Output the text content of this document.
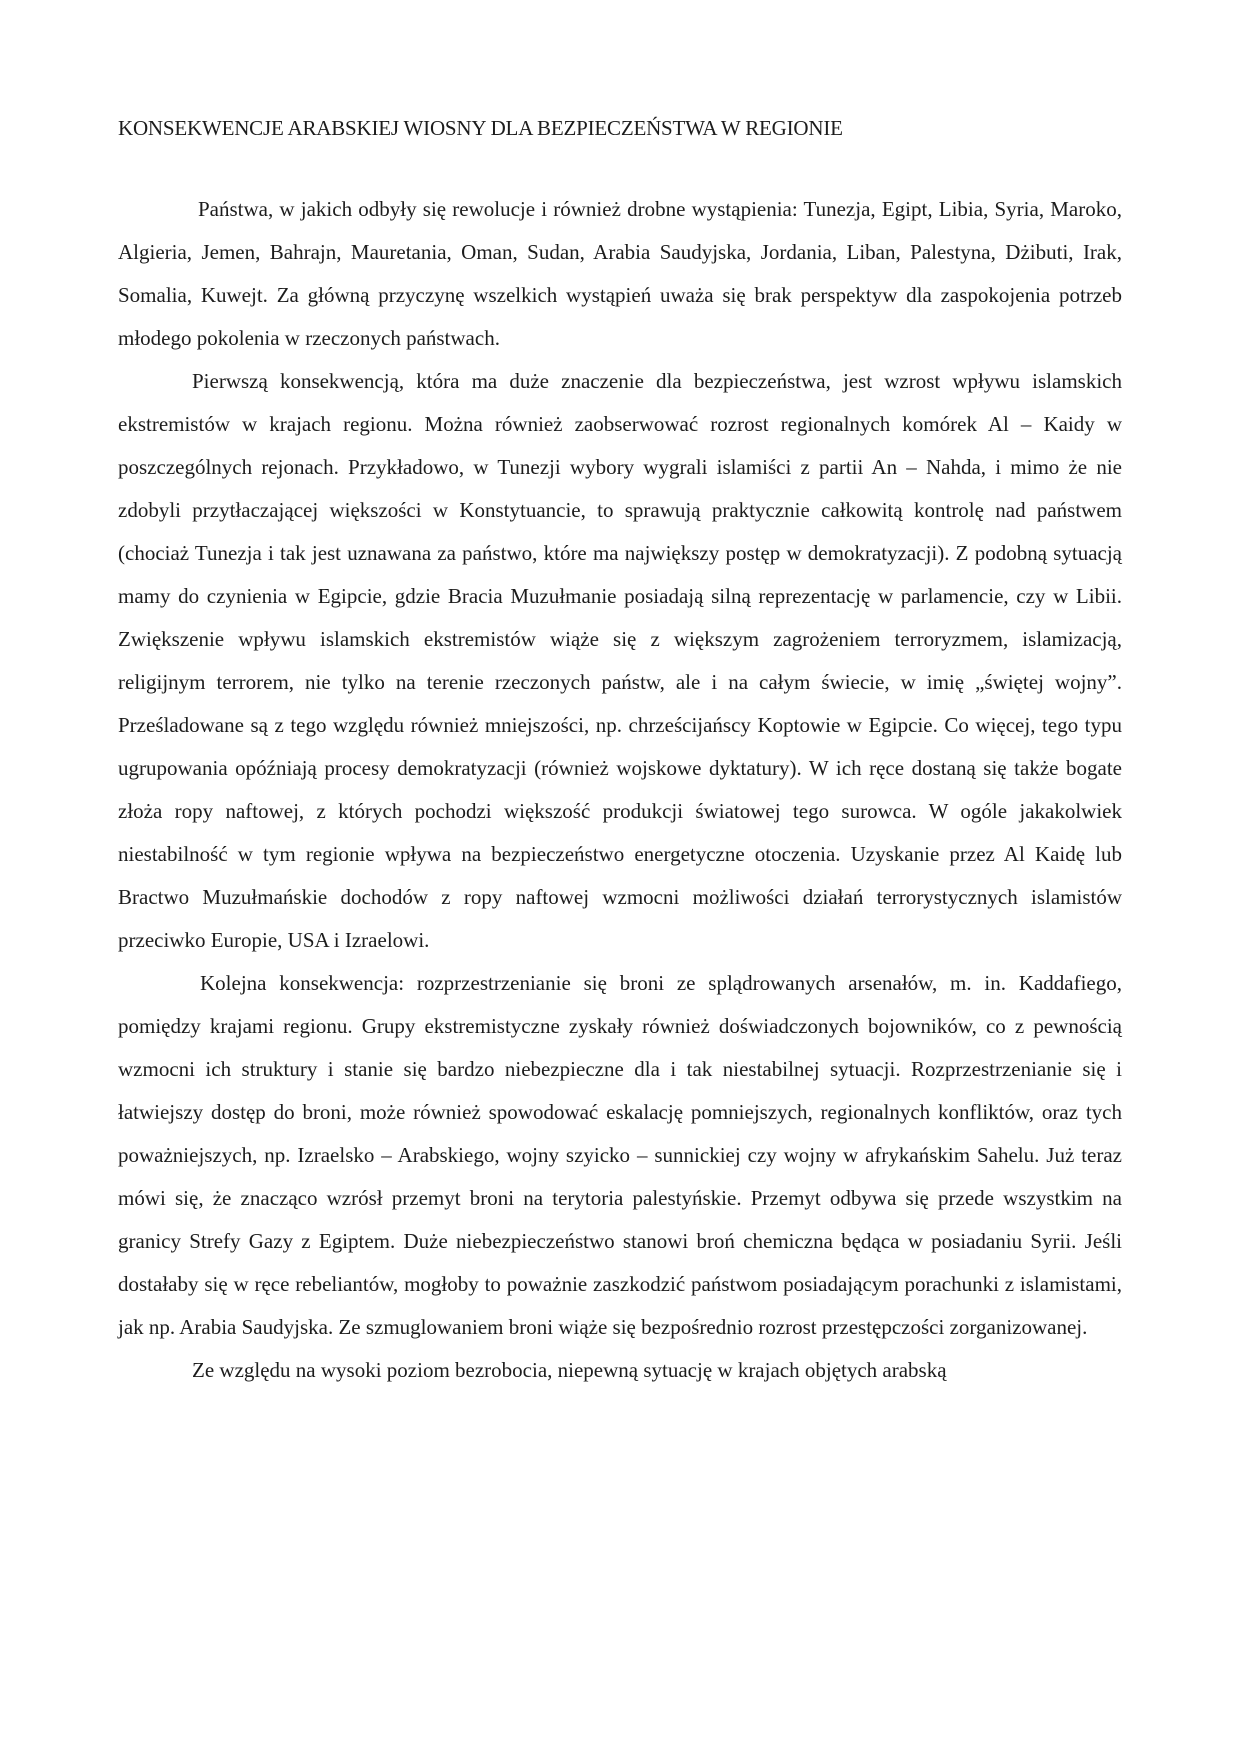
KONSEKWENCJE ARABSKIEJ WIOSNY DLA BEZPIECZEŃSTWA W REGIONIE

Państwa, w jakich odbyły się rewolucje i również drobne wystąpienia: Tunezja, Egipt, Libia, Syria, Maroko, Algieria, Jemen, Bahrajn, Mauretania, Oman, Sudan, Arabia Saudyjska, Jordania, Liban, Palestyna, Dżibuti, Irak, Somalia, Kuwejt. Za główną przyczynę wszelkich wystąpień uważa się brak perspektyw dla zaspokojenia potrzeb młodego pokolenia w rzeczonych państwach.

Pierwszą konsekwencją, która ma duże znaczenie dla bezpieczeństwa, jest wzrost wpływu islamskich ekstremistów w krajach regionu. Można również zaobserwować rozrost regionalnych komórek Al – Kaidy w poszczególnych rejonach. Przykładowo, w Tunezji wybory wygrali islamiści z partii An – Nahda, i mimo że nie zdobyli przytłaczającej większości w Konstytuancie, to sprawują praktycznie całkowitą kontrolę nad państwem (chociaż Tunezja i tak jest uznawana za państwo, które ma największy postęp w demokratyzacji). Z podobną sytuacją mamy do czynienia w Egipcie, gdzie Bracia Muzułmanie posiadają silną reprezentację w parlamencie, czy w Libii. Zwiększenie wpływu islamskich ekstremistów wiąże się z większym zagrożeniem terroryzmem, islamizacją, religijnym terrorem, nie tylko na terenie rzeczonych państw, ale i na całym świecie, w imię „świętej wojny”. Prześladowane są z tego względu również mniejszości, np. chrześcijańscy Koptowie w Egipcie. Co więcej, tego typu ugrupowania opóźniają procesy demokratyzacji (również wojskowe dyktatury). W ich ręce dostaną się także bogate złoża ropy naftowej, z których pochodzi większość produkcji światowej tego surowca. W ogóle jakakolwiek niestabilność w tym regionie wpływa na bezpieczeństwo energetyczne otoczenia. Uzyskanie przez Al Kaidę lub Bractwo Muzułmańskie dochodów z ropy naftowej wzmocni możliwości działań terrorystycznych islamistów przeciwko Europie, USA i Izraelowi.

Kolejna konsekwencja: rozprzestrzenianie się broni ze splądrowanych arsenałów, m. in. Kaddafiego, pomiędzy krajami regionu. Grupy ekstremistyczne zyskały również doświadczonych bojowników, co z pewnością wzmocni ich struktury i stanie się bardzo niebezpieczne dla i tak niestabilnej sytuacji. Rozprzestrzenianie się i łatwiejszy dostęp do broni, może również spowodować eskalację pomniejszych, regionalnych konfliktów, oraz tych poważniejszych, np. Izraelsko – Arabskiego, wojny szyicko – sunnickiej czy wojny w afrykańskim Sahelu. Już teraz mówi się, że znacząco wzrósł przemyt broni na terytoria palestyńskie. Przemyt odbywa się przede wszystkim na granicy Strefy Gazy z Egiptem. Duże niebezpieczeństwo stanowi broń chemiczna będąca w posiadaniu Syrii. Jeśli dostałaby się w ręce rebeliantów, mogłoby to poważnie zaszkodzić państwom posiadającym porachunki z islamistami, jak np. Arabia Saudyjska. Ze szmuglowaniem broni wiąże się bezpośrednio rozrost przestępczości zorganizowanej.

Ze względu na wysoki poziom bezrobocia, niepewną sytuację w krajach objętych arabską
